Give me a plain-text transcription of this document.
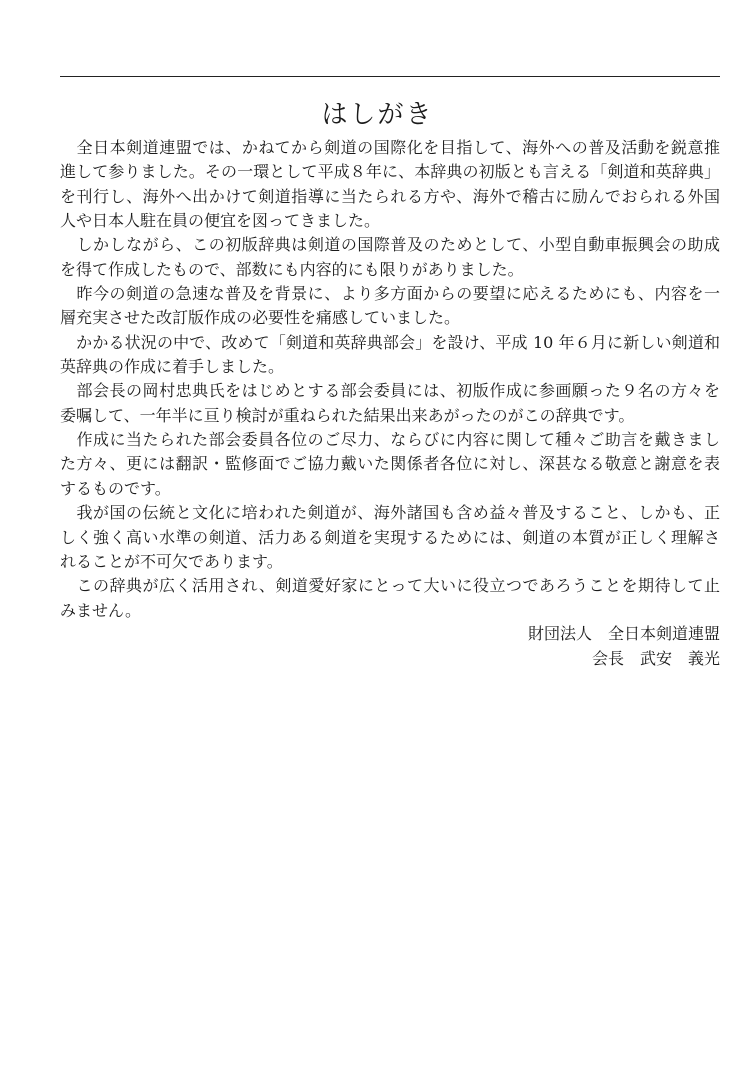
はしがき
　全日本剣道連盟では、かねてから剣道の国際化を目指して、海外への普及活動を鋭意推
進して参りました。その一環として平成８年に、本辞典の初版とも言える「剣道和英辞典」
を刊行し、海外へ出かけて剣道指導に当たられる方や、海外で稽古に励んでおられる外国
人や日本人駐在員の便宜を図ってきました。
　しかしながら、この初版辞典は剣道の国際普及のためとして、小型自動車振興会の助成
を得て作成したもので、部数にも内容的にも限りがありました。
　昨今の剣道の急速な普及を背景に、より多方面からの要望に応えるためにも、内容を一
層充実させた改訂版作成の必要性を痛感していました。
　かかる状況の中で、改めて「剣道和英辞典部会」を設け、平成 10 年６月に新しい剣道和
英辞典の作成に着手しました。
　部会長の岡村忠典氏をはじめとする部会委員には、初版作成に参画願った９名の方々を
委嘱して、一年半に亘り検討が重ねられた結果出来あがったのがこの辞典です。
　作成に当たられた部会委員各位のご尽力、ならびに内容に関して種々ご助言を戴きまし
た方々、更には翻訳・監修面でご協力戴いた関係者各位に対し、深甚なる敬意と謝意を表
するものです。
　我が国の伝統と文化に培われた剣道が、海外諸国も含め益々普及すること、しかも、正
しく強く高い水準の剣道、活力ある剣道を実現するためには、剣道の本質が正しく理解さ
れることが不可欠であります。
　この辞典が広く活用され、剣道愛好家にとって大いに役立つであろうことを期待して止
みません。
財団法人　全日本剣道連盟
会長　武安　義光
